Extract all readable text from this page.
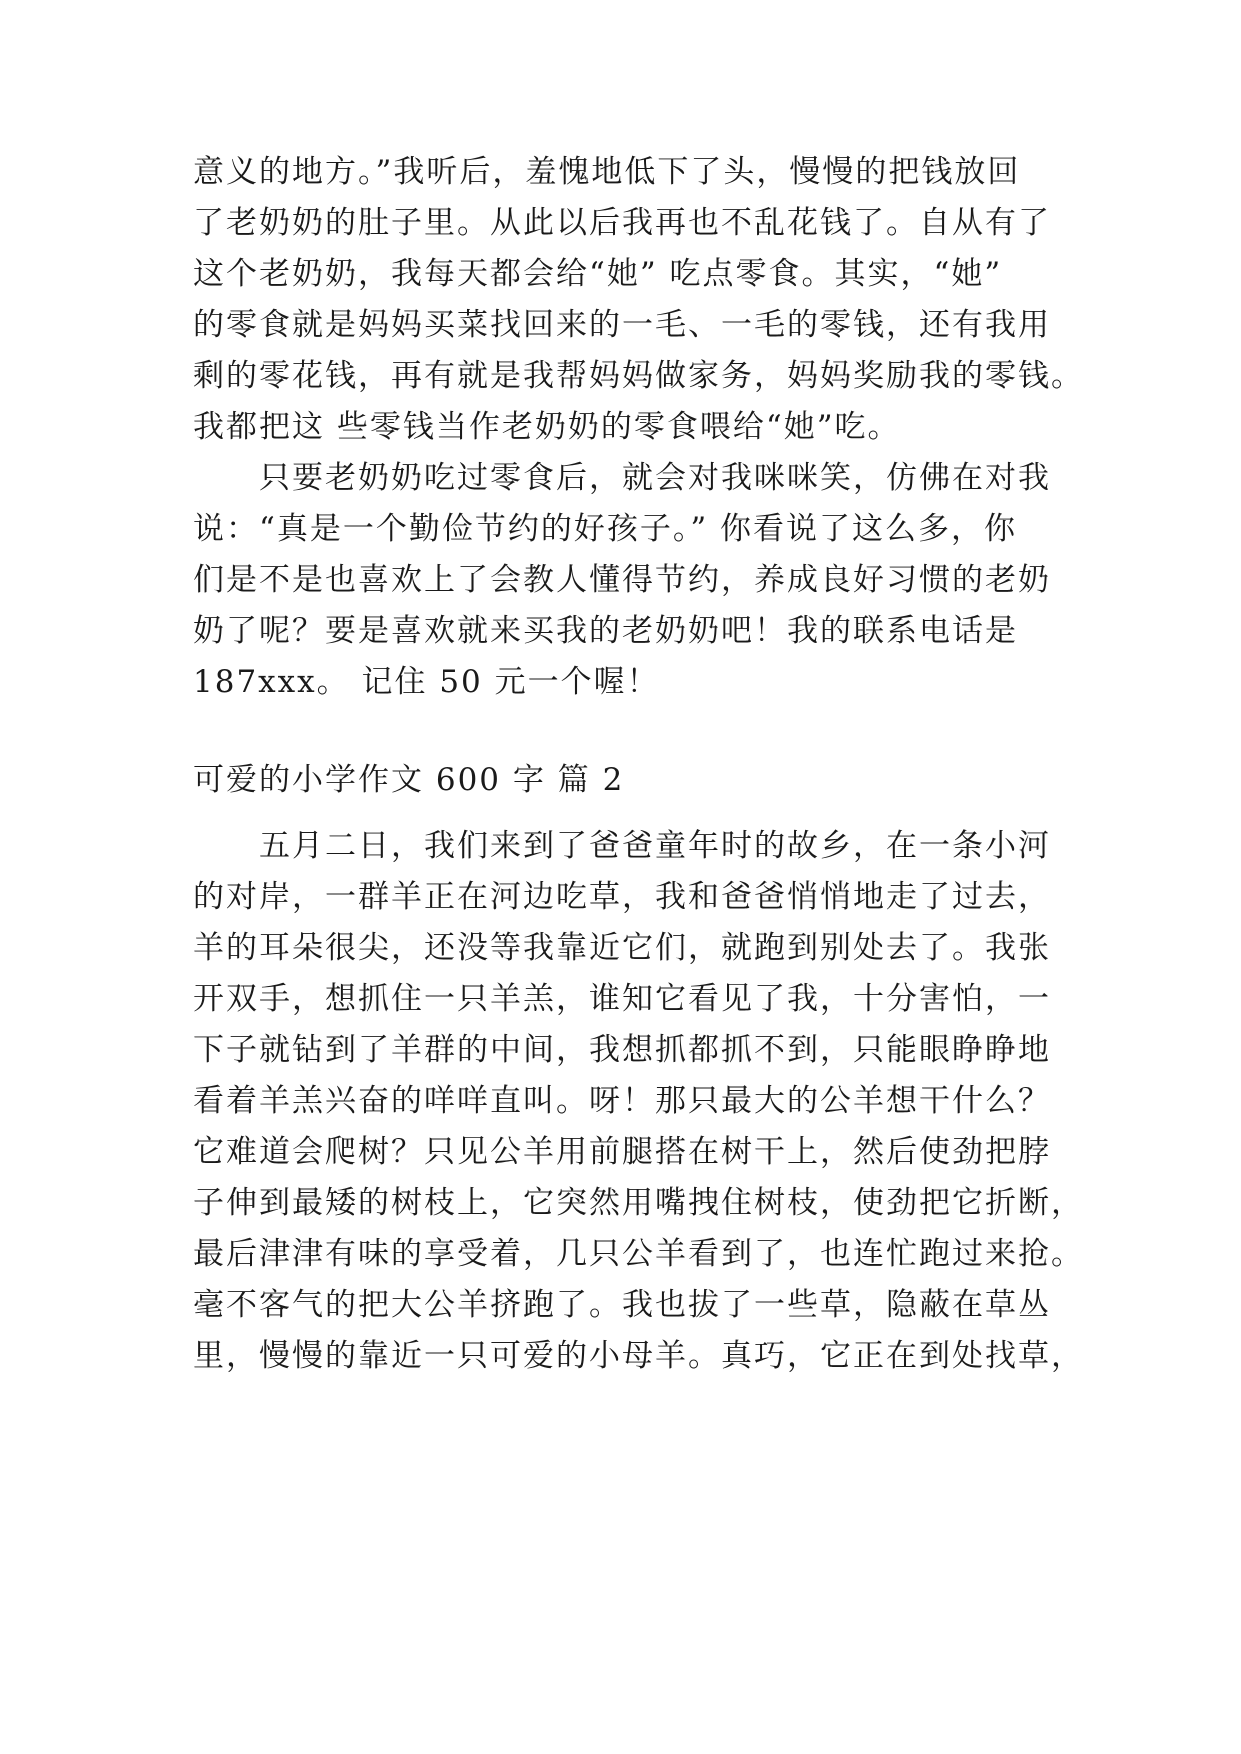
意义的地方。”我听后，羞愧地低下了头，慢慢的把钱放回
了老奶奶的肚子里。从此以后我再也不乱花钱了。自从有了
这个老奶奶，我每天都会给“她” 吃点零食。其实，“她”
的零食就是妈妈买菜找回来的一毛、一毛的零钱，还有我用
剩的零花钱，再有就是我帮妈妈做家务，妈妈奖励我的零钱。
我都把这 些零钱当作老奶奶的零食喂给“她”吃。
　　只要老奶奶吃过零食后，就会对我咪咪笑，仿佛在对我
说：“真是一个勤俭节约的好孩子。” 你看说了这么多，你
们是不是也喜欢上了会教人懂得节约，养成良好习惯的老奶
奶了呢？要是喜欢就来买我的老奶奶吧！我的联系电话是
187xxx。 记住 50 元一个喔！
可爱的小学作文 600 字 篇 2
　　五月二日，我们来到了爸爸童年时的故乡，在一条小河
的对岸，一群羊正在河边吃草，我和爸爸悄悄地走了过去，
羊的耳朵很尖，还没等我靠近它们，就跑到别处去了。我张
开双手，想抓住一只羊羔，谁知它看见了我，十分害怕，一
下子就钻到了羊群的中间，我想抓都抓不到，只能眼睁睁地
看着羊羔兴奋的咩咩直叫。呀！那只最大的公羊想干什么？
它难道会爬树？只见公羊用前腿搭在树干上，然后使劲把脖
子伸到最矮的树枝上，它突然用嘴拽住树枝，使劲把它折断，
最后津津有味的享受着，几只公羊看到了，也连忙跑过来抢。
毫不客气的把大公羊挤跑了。我也拔了一些草，隐蔽在草丛
里，慢慢的靠近一只可爱的小母羊。真巧，它正在到处找草，
